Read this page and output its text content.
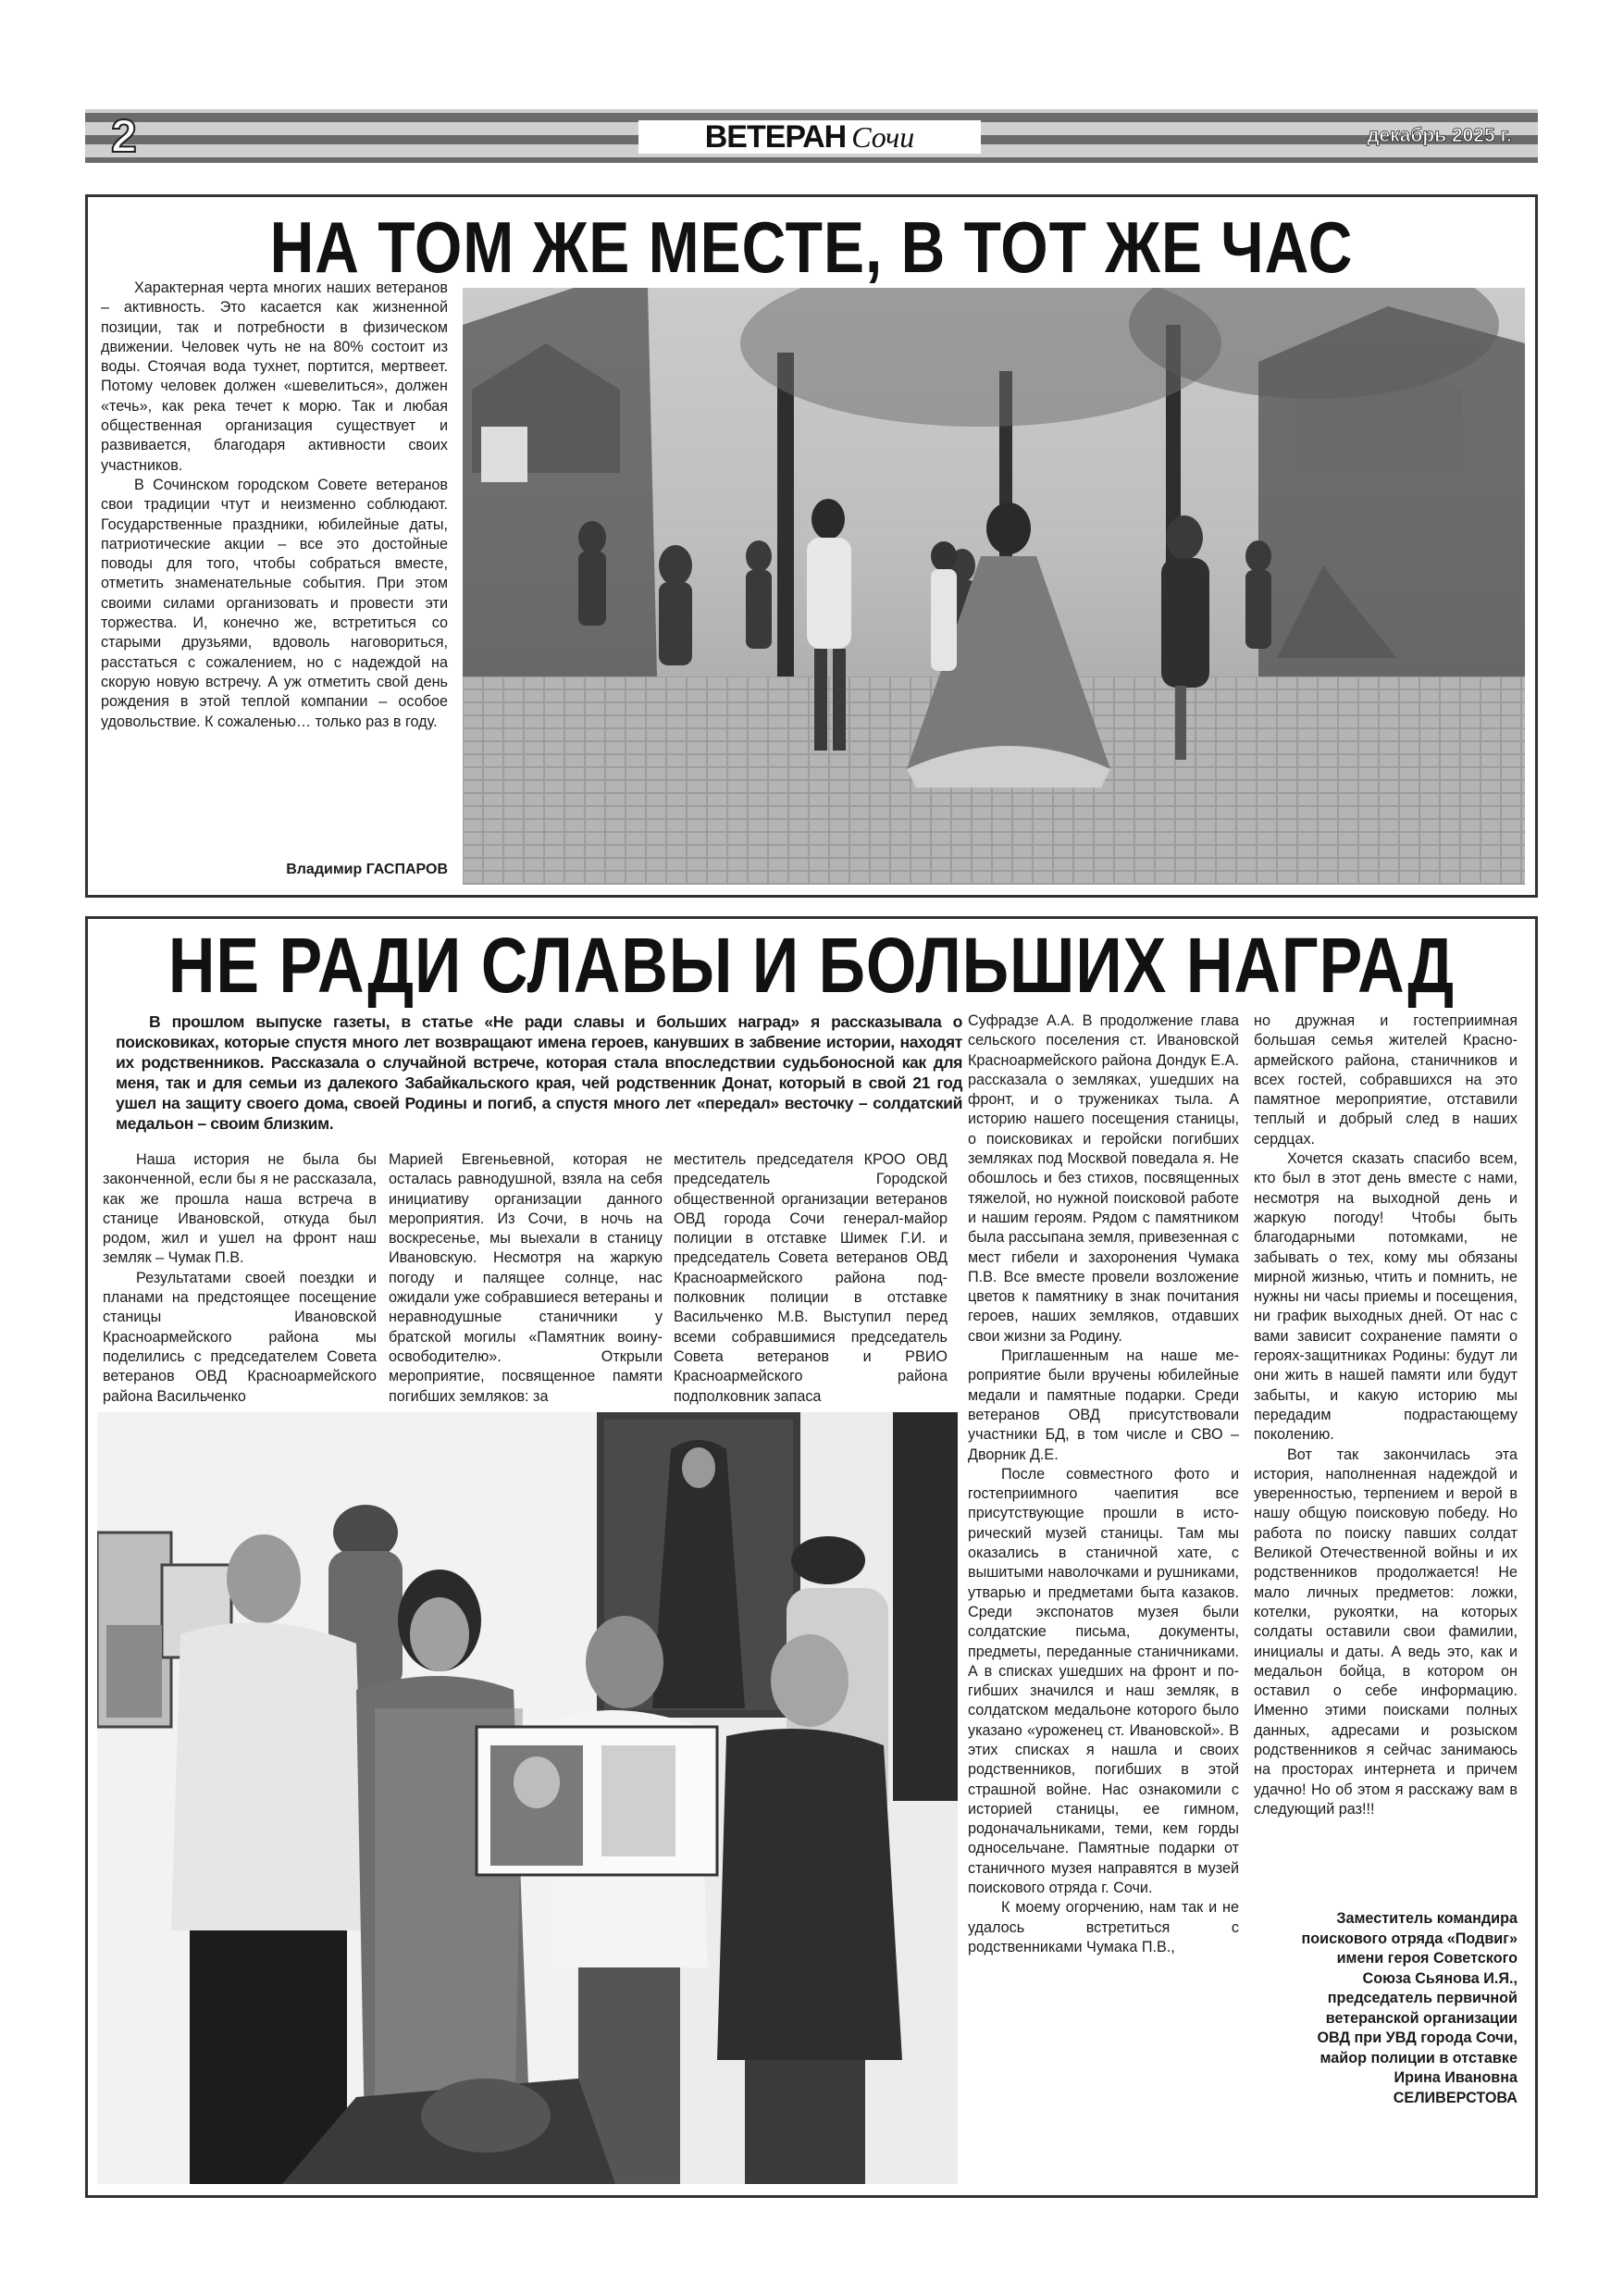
2	ВЕТЕРАН Сочи	декабрь 2025 г.
НА ТОМ ЖЕ МЕСТЕ, В ТОТ ЖЕ ЧАС

Характерная черта многих наших ветеранов – активность. Это касается как жизненной позиции, так и потребности в физическом движении. Человек чуть не на 80% состоит из воды. Стоячая вода тухнет, портится, мертвеет. Потому человек должен «шевелиться», должен «течь», как река течет к морю. Так и любая общественная организация существует и развивается, благодаря активности своих участников.

В Сочинском городском Совете ветеранов свои традиции чтут и неизменно соблюдают. Государственные праздники, юбилейные даты, патриотические акции – все это достойные поводы для того, чтобы собраться вместе, отметить знаменательные события. При этом своими силами организовать и провести эти торжества. И, конечно же, встретиться со старыми друзьями, вдоволь наговориться, расстаться с сожалением, но с надеждой на скорую новую встречу. А уж отметить свой день рождения в этой теплой компании – особое удовольствие. К сожаленью… только раз в году.

Владимир ГАСПАРОВ
НЕ РАДИ СЛАВЫ И БОЛЬШИХ НАГРАД

В прошлом выпуске газеты, в статье «Не ради славы и больших наград» я рассказывала о поисковиках, которые спустя много лет возвращают имена героев, канувших в забвение истории, находят их родственников. Рассказала о случайной встрече, которая стала впоследствии судьбоносной как для меня, так и для семьи из далекого Забайкальского края, чей родственник Донат, который в свой 21 год ушел на защиту своего дома, своей Родины и погиб, а спустя много лет «передал» весточку – солдатский медальон – своим близким.

Наша история не была бы законченной, если бы я не рассказала, как же прошла наша встреча в станице Ивановской, откуда был родом, жил и ушел на фронт наш земляк – Чумак П.В.

Результатами своей поездки и планами на предстоящее посещение станицы Ивановской Красноармейского района мы поделились с председателем Совета ветеранов ОВД Красноармейского района Васильченко

Марией Евгеньевной, которая не осталась равнодушной, взяла на себя инициативу организации данного мероприятия. Из Сочи, в ночь на воскресенье, мы выехали в станицу Ивановскую. Несмотря на жаркую погоду и палящее солнце, нас ожидали уже собравшиеся ветераны и неравнодушные станичники у братской могилы «Памятник воину-освободителю». Открыли мероприятие, посвященное памяти погибших земляков: за

меститель председателя КРОО ОВД председатель Городской общественной организации ветеранов ОВД города Сочи генерал-майор полиции в отставке Шимек Г.И. и председатель Совета ветеранов ОВД Красноармейского района подполковник полиции в отставке Васильченко М.В. Выступил перед всеми собравшимися председатель Совета ветеранов и РВИО Красноармейского района подполковник запаса

Суфрадзе А.А. В продолжение глава сельского поселения ст. Ивановской Красноармейского района Дондук Е.А. рассказала о земляках, ушедших на фронт, и о тружениках тыла. А историю нашего посещения станицы, о поисковиках и геройски погибших земляках под Москвой поведала я. Не обошлось и без стихов, посвященных тяжелой, но нужной поисковой работе и нашим героям. Рядом с памятником была рассыпана земля, привезенная с мест гибели и захоронения Чумака П.В. Все вместе провели возложение цветов к памятнику в знак почитания героев, наших земляков, отдавших свои жизни за Родину.

Приглашенным на наше мероприятие были вручены юбилейные медали и памятные подарки. Среди ветеранов ОВД присутствовали участники БД, в том числе и СВО – Дворник Д.Е.

После совместного фото и гостеприимного чаепития все присутствующие прошли в исторический музей станицы. Там мы оказались в станичной хате, с вышитыми наволочками и рушниками, утварью и предметами быта казаков. Среди экспонатов музея были солдатские письма, документы, предметы, переданные станичниками. А в списках ушедших на фронт и погибших значился и наш земляк, в солдатском медальоне которого было указано «уроженец ст. Ивановской». В этих списках я нашла и своих родственников, погибших в этой страшной войне. Нас ознакомили с историей станицы, ее гимном, родоначальниками, теми, кем горды односельчане. Памятные подарки от станичного музея направятся в музей поискового отряда г. Сочи.

К моему огорчению, нам так и не удалось встретиться с родственниками Чумака П.В.,

но дружная и гостеприимная большая семья жителей Красноармейского района, станичников и всех гостей, собравшихся на это памятное мероприятие, отставили теплый и добрый след в наших сердцах.

Хочется сказать спасибо всем, кто был в этот день вместе с нами, несмотря на выходной день и жаркую погоду! Чтобы быть благодарными потомками, не забывать о тех, кому мы обязаны мирной жизнью, чтить и помнить, не нужны ни часы приемы и посещения, ни график выходных дней. От нас с вами зависит сохранение памяти о героях-защитниках Родины: будут ли они жить в нашей памяти или будут забыты, и какую историю мы передадим подрастающему поколению.

Вот так закончилась эта история, наполненная надеждой и уверенностью, терпением и верой в нашу общую поисковую победу. Но работа по поиску павших солдат Великой Отечественной войны и их родственников продолжается! Не мало личных предметов: ложки, котелки, рукоятки, на которых солдаты оставили свои фамилии, инициалы и даты. А ведь это, как и медальон бойца, в котором он оставил о себе информацию. Именно этими поисками полных данных, адресами и розыском родственников я сейчас занимаюсь на просторах интернета и причем удачно! Но об этом я расскажу вам в следующий раз!!!

Заместитель командира
поискового отряда «Подвиг»
имени героя Советского
Союза Сьянова И.Я.,
председатель первичной
ветеранской организации
ОВД при УВД города Сочи,
майор полиции в отставке
Ирина Ивановна
СЕЛИВЕРСТОВА
